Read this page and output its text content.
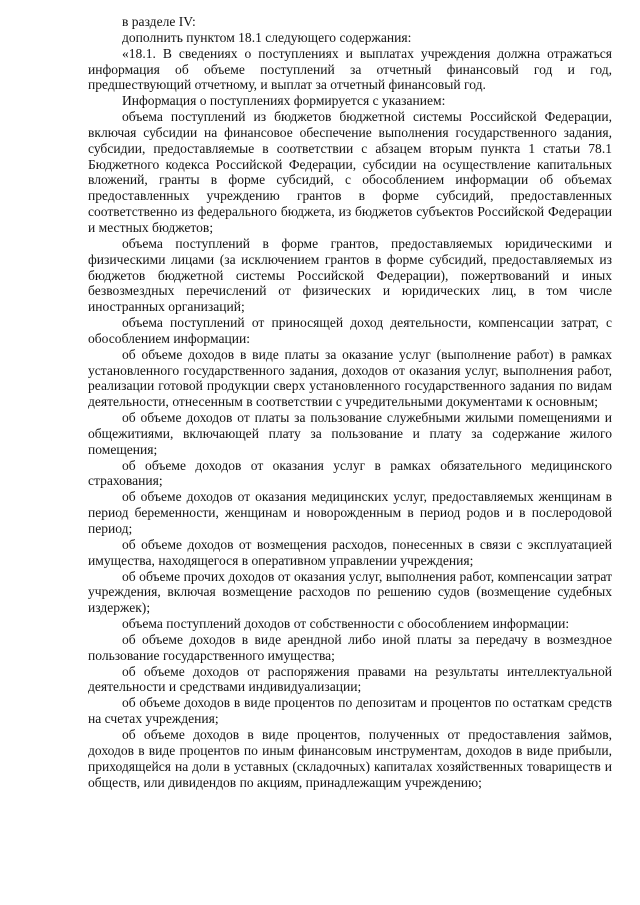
в разделе IV:

дополнить пунктом 18.1 следующего содержания:

«18.1. В сведениях о поступлениях и выплатах учреждения должна отражаться информация об объеме поступлений за отчетный финансовый год и год, предшествующий отчетному, и выплат за отчетный финансовый год.

Информация о поступлениях формируется с указанием:

объема поступлений из бюджетов бюджетной системы Российской Федерации, включая субсидии на финансовое обеспечение выполнения государственного задания, субсидии, предоставляемые в соответствии с абзацем вторым пункта 1 статьи 78.1 Бюджетного кодекса Российской Федерации, субсидии на осуществление капитальных вложений, гранты в форме субсидий, с обособлением информации об объемах предоставленных учреждению грантов в форме субсидий, предоставленных соответственно из федерального бюджета, из бюджетов субъектов Российской Федерации и местных бюджетов;

объема поступлений в форме грантов, предоставляемых юридическими и физическими лицами (за исключением грантов в форме субсидий, предоставляемых из бюджетов бюджетной системы Российской Федерации), пожертвований и иных безвозмездных перечислений от физических и юридических лиц, в том числе иностранных организаций;

объема поступлений от приносящей доход деятельности, компенсации затрат, с обособлением информации:

об объеме доходов в виде платы за оказание услуг (выполнение работ) в рамках установленного государственного задания, доходов от оказания услуг, выполнения работ, реализации готовой продукции сверх установленного государственного задания по видам деятельности, отнесенным в соответствии с учредительными документами к основным;

об объеме доходов от платы за пользование служебными жилыми помещениями и общежитиями, включающей плату за пользование и плату за содержание жилого помещения;

об объеме доходов от оказания услуг в рамках обязательного медицинского страхования;

об объеме доходов от оказания медицинских услуг, предоставляемых женщинам в период беременности, женщинам и новорожденным в период родов и в послеродовой период;

об объеме доходов от возмещения расходов, понесенных в связи с эксплуатацией имущества, находящегося в оперативном управлении учреждения;

об объеме прочих доходов от оказания услуг, выполнения работ, компенсации затрат учреждения, включая возмещение расходов по решению судов (возмещение судебных издержек);

объема поступлений доходов от собственности с обособлением информации:

об объеме доходов в виде арендной либо иной платы за передачу в возмездное пользование государственного имущества;

об объеме доходов от распоряжения правами на результаты интеллектуальной деятельности и средствами индивидуализации;

об объеме доходов в виде процентов по депозитам и процентов по остаткам средств на счетах учреждения;

об объеме доходов в виде процентов, полученных от предоставления займов, доходов в виде процентов по иным финансовым инструментам, доходов в виде прибыли, приходящейся на доли в уставных (складочных) капиталах хозяйственных товариществ и обществ, или дивидендов по акциям, принадлежащим учреждению;
